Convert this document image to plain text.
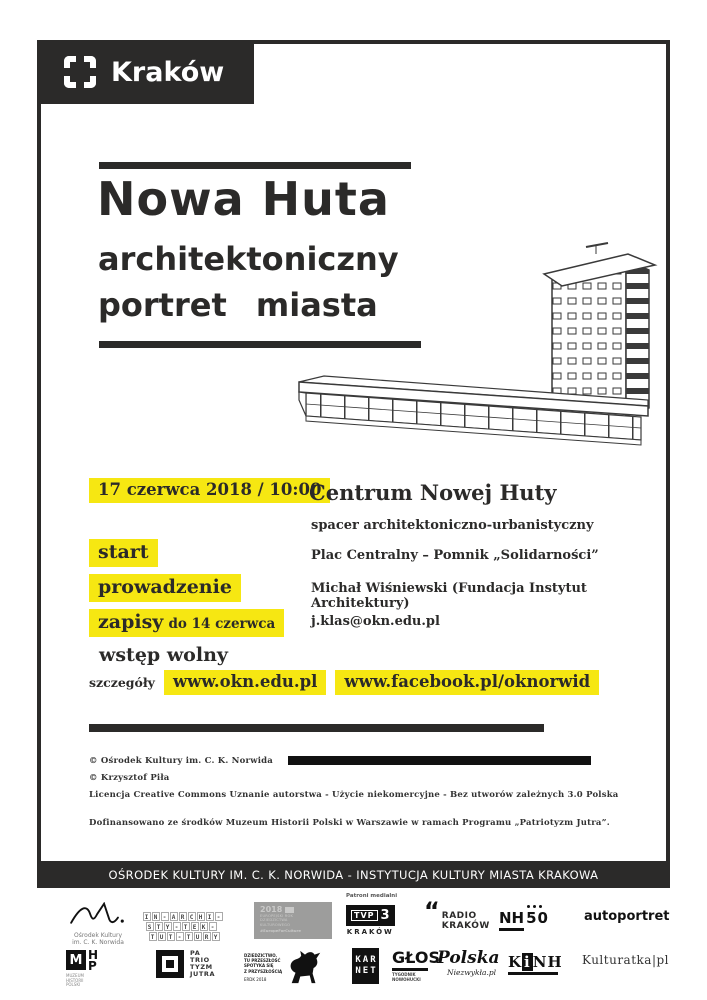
Kraków
Nowa Huta
architektoniczny
portret miasta
17 czerwca 2018 / 10:00
Centrum Nowej Huty
spacer architektoniczno-urbanistyczny
start	Plac Centralny – Pomnik „Solidarności”
prowadzenie	Michał Wiśniewski (Fundacja Instytut Architektury)
zapisy do 14 czerwca	j.klas@okn.edu.pl
wstęp wolny
szczegóły	www.okn.edu.pl	www.facebook.pl/oknorwid
© Ośrodek Kultury im. C. K. Norwida
© Krzysztof Piła
Licencja Creative Commons Uznanie autorstwa - Użycie niekomercyjne - Bez utworów zależnych 3.0 Polska
Dofinansowano ze środków Muzeum Historii Polski w Warszawie w ramach Programu „Patriotyzm Jutra”.
OŚRODEK KULTURY IM. C. K. NORWIDA - INSTYTUCJA KULTURY MIASTA KRAKOWA
Ośrodek Kultury
im. C. K. Norwida
I N - A R C H I -
S T Y - T E K -
T U T - T U R Y
2018
EUROPEJSKI ROK
DZIEDZICTWA
KULTUROWEGO
#EuropeForCulture
Patroni medialni
TVP 3
KRAKÓW
“ RADIO
KRAKÓW NH 50	autoportret
M H
P
MUZEUM
HISTORII
POLSKI
PA
TRIO
TYZM
JUTRA
DZIEDZICTWO.
TU PRZESZŁOŚĆ
SPOTYKA SIĘ
Z PRZYSZŁOŚCIĄ
ERDK 2018
KAR
NET
GŁOS
TYGODNIK
NOWOHUCKI
Polska
Niezwykła.pl
K i NH Kulturatka|pl
